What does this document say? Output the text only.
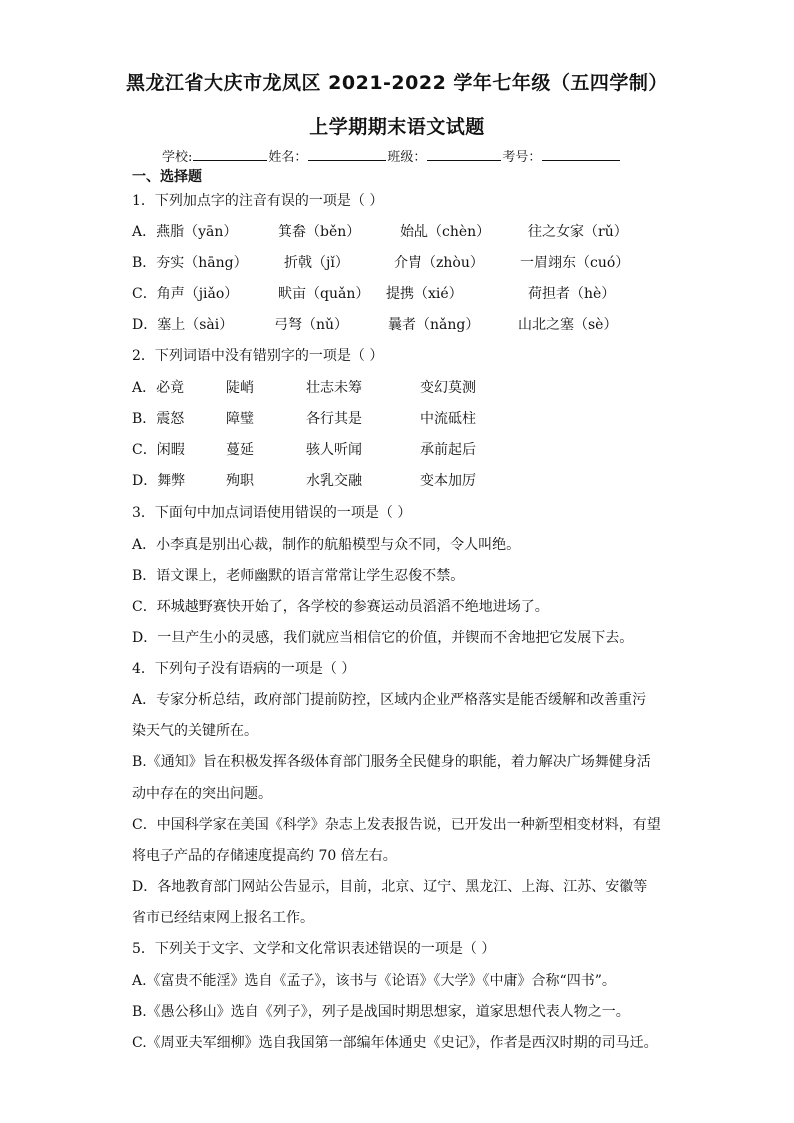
黑龙江省大庆市龙凤区 2021-2022 学年七年级（五四学制）
上学期期末语文试题
学校:	姓名：	班级：	考号：
一、选择题
1．下列加点字的注音有误的一项是（ ）
A．燕脂（yān）	箕畚（běn）	始乩（chèn）	往之女家（rǔ）
B．夯实（hāng）	折戟（jǐ）	介胄（zhòu）	一眉翊东（cuó）
C．角声（jiǎo）	畎亩（quǎn） 提携（xié）	荷担者（hè）
D．塞上（sài）	弓弩（nǔ）	曩者（nǎng）	山北之塞（sè）
2．下列词语中没有错别字的一项是（ ）
A．必竟	陡峭	壮志未筹	变幻莫测
B．震怒	障璧	各行其是	中流砥柱
C．闲暇	蔓延	骇人听闻	承前起后
D．舞弊	殉职	水乳交融	变本加厉
3．下面句中加点词语使用错误的一项是（ ）
A．小李真是别出心裁，制作的航船模型与众不同，令人叫绝。
B．语文课上，老师幽默的语言常常让学生忍俊不禁。
C．环城越野赛快开始了，各学校的参赛运动员滔滔不绝地进场了。
D．一旦产生小的灵感，我们就应当相信它的价值，并锲而不舍地把它发展下去。
4．下列句子没有语病的一项是（ ）
A．专家分析总结，政府部门提前防控，区域内企业严格落实是能否缓解和改善重污
染天气的关键所在。
B.《通知》旨在积极发挥各级体育部门服务全民健身的职能，着力解决广场舞健身活
动中存在的突出问题。
C．中国科学家在美国《科学》杂志上发表报告说，已开发出一种新型相变材料，有望
将电子产品的存储速度提高约 70 倍左右。
D．各地教育部门网站公告显示，目前，北京、辽宁、黑龙江、上海、江苏、安徽等
省市已经结束网上报名工作。
5．下列关于文字、文学和文化常识表述错误的一项是（ ）
A.《富贵不能淫》选自《孟子》，该书与《论语》《大学》《中庸》合称“四书”。
B.《愚公移山》选自《列子》，列子是战国时期思想家，道家思想代表人物之一。
C.《周亚夫军细柳》选自我国第一部编年体通史《史记》，作者是西汉时期的司马迁。
